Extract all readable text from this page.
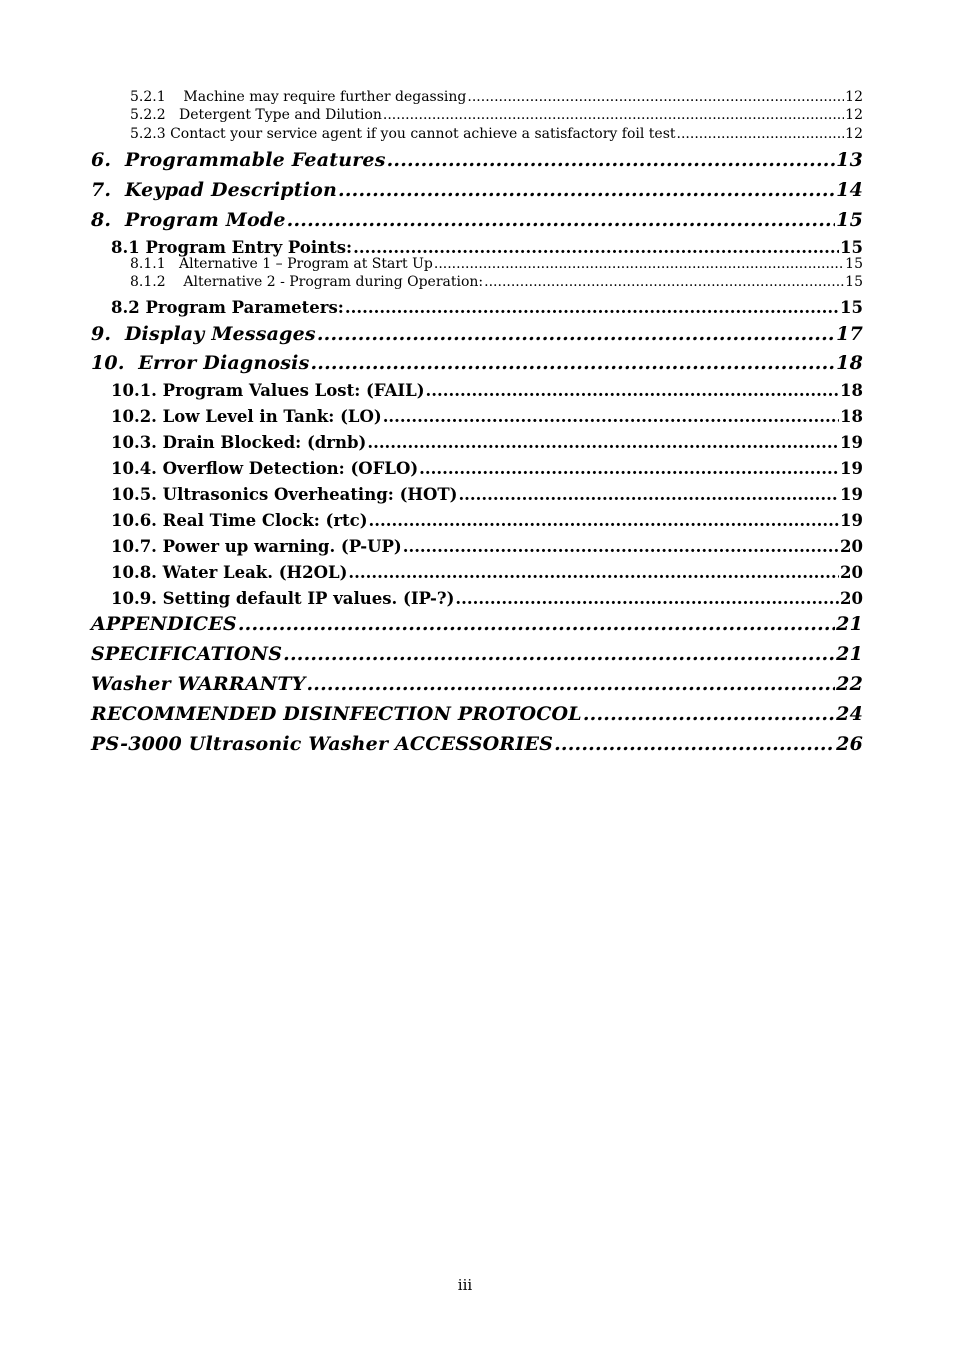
5.2.1    Machine may require further degassing .....	12
5.2.2   Detergent Type and Dilution .....	12
5.2.3 Contact your service agent if you cannot achieve a satisfactory foil test .....	12
6.  Programmable Features .....	13
7.  Keypad Description .....	14
8.  Program Mode .....	15
8.1 Program Entry Points: .....	15
8.1.1   Alternative 1 – Program at Start Up .....	15
8.1.2    Alternative 2 - Program during Operation: .....	15
8.2 Program Parameters: .....	15
9.  Display Messages .....	17
10.  Error Diagnosis .....	18
10.1. Program Values Lost: (FAIL) .....	18
10.2. Low Level in Tank: (LO) .....	18
10.3. Drain Blocked: (drnb) .....	19
10.4. Overflow Detection: (OFLO) .....	19
10.5. Ultrasonics Overheating: (HOT) .....	19
10.6. Real Time Clock: (rtc) .....	19
10.7. Power up warning. (P-UP) .....	20
10.8. Water Leak. (H2OL) .....	20
10.9. Setting default IP values. (IP-?) .....	20
APPENDICES .....	21
SPECIFICATIONS .....	21
Washer WARRANTY .....	22
RECOMMENDED DISINFECTION PROTOCOL .....	24
PS-3000 Ultrasonic Washer ACCESSORIES .....	26
iii
